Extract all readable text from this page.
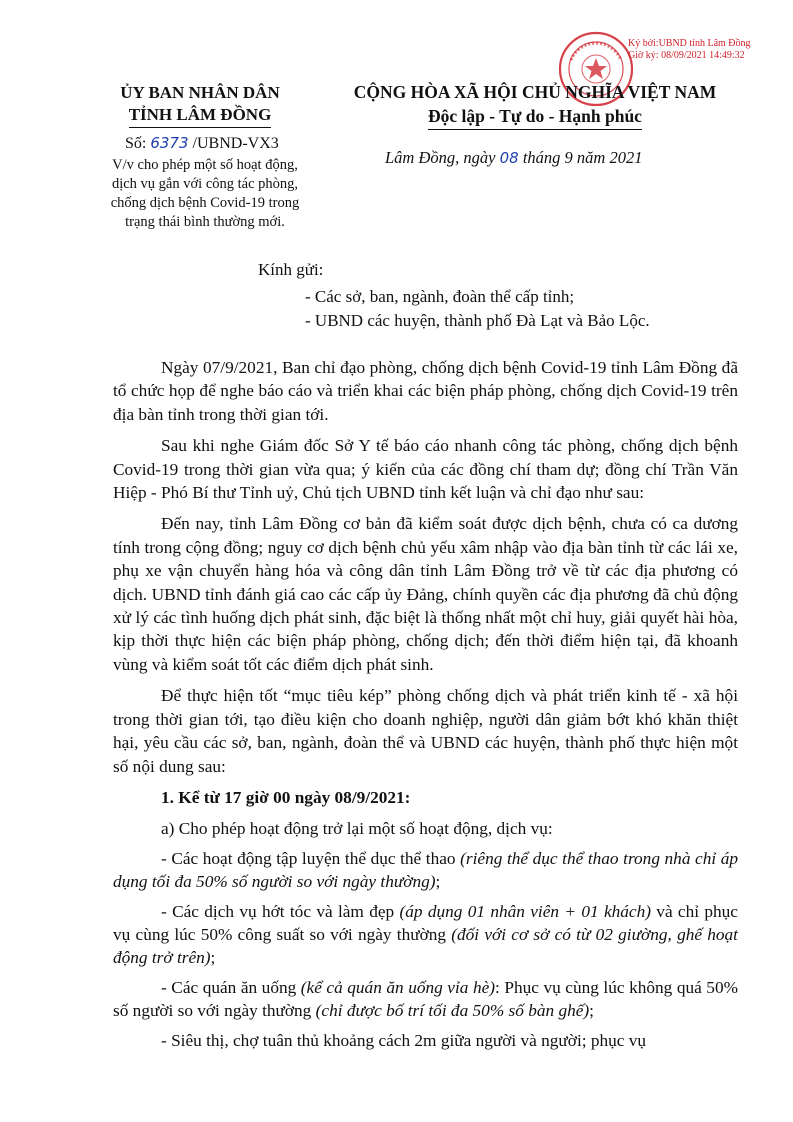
Ký bởi:UBND tỉnh Lâm Đồng
Giờ ký: 08/09/2021 14:49:32
ỦY BAN NHÂN DÂN
TỈNH LÂM ĐỒNG
CỘNG HÒA XÃ HỘI CHỦ NGHĨA VIỆT NAM
Độc lập - Tự do - Hạnh phúc
Số: 6373 /UBND-VX3
V/v cho phép một số hoạt động,
dịch vụ gắn với công tác phòng,
chống dịch bệnh Covid-19 trong
trạng thái bình thường mới.
Lâm Đồng, ngày 08 tháng 9 năm 2021
Kính gửi:
- Các sở, ban, ngành, đoàn thể cấp tỉnh;
- UBND các huyện, thành phố Đà Lạt và Bảo Lộc.

Ngày 07/9/2021, Ban chỉ đạo phòng, chống dịch bệnh Covid-19 tỉnh Lâm Đồng đã tổ chức họp để nghe báo cáo và triển khai các biện pháp phòng, chống dịch Covid-19 trên địa bàn tỉnh trong thời gian tới.

Sau khi nghe Giám đốc Sở Y tế báo cáo nhanh công tác phòng, chống dịch bệnh Covid-19 trong thời gian vừa qua; ý kiến của các đồng chí tham dự; đồng chí Trần Văn Hiệp - Phó Bí thư Tỉnh uỷ, Chủ tịch UBND tỉnh kết luận và chỉ đạo như sau:

Đến nay, tỉnh Lâm Đồng cơ bản đã kiểm soát được dịch bệnh, chưa có ca dương tính trong cộng đồng; nguy cơ dịch bệnh chủ yếu xâm nhập vào địa bàn tỉnh từ các lái xe, phụ xe vận chuyển hàng hóa và công dân tỉnh Lâm Đồng trở về từ các địa phương có dịch. UBND tỉnh đánh giá cao các cấp ủy Đảng, chính quyền các địa phương đã chủ động xử lý các tình huống dịch phát sinh, đặc biệt là thống nhất một chỉ huy, giải quyết hài hòa, kịp thời thực hiện các biện pháp phòng, chống dịch; đến thời điểm hiện tại, đã khoanh vùng và kiểm soát tốt các điểm dịch phát sinh.

Để thực hiện tốt “mục tiêu kép” phòng chống dịch và phát triển kinh tế - xã hội trong thời gian tới, tạo điều kiện cho doanh nghiệp, người dân giảm bớt khó khăn thiệt hại, yêu cầu các sở, ban, ngành, đoàn thể và UBND các huyện, thành phố thực hiện một số nội dung sau:

1. Kể từ 17 giờ 00 ngày 08/9/2021:

a) Cho phép hoạt động trở lại một số hoạt động, dịch vụ:

- Các hoạt động tập luyện thể dục thể thao (riêng thể dục thể thao trong nhà chỉ áp dụng tối đa 50% số người so với ngày thường);

- Các dịch vụ hớt tóc và làm đẹp (áp dụng 01 nhân viên + 01 khách) và chỉ phục vụ cùng lúc 50% công suất so với ngày thường (đối với cơ sở có từ 02 giường, ghế hoạt động trở trên);

- Các quán ăn uống (kể cả quán ăn uống vỉa hè): Phục vụ cùng lúc không quá 50% số người so với ngày thường (chỉ được bố trí tối đa 50% số bàn ghế);

- Siêu thị, chợ tuân thủ khoảng cách 2m giữa người và người; phục vụ
